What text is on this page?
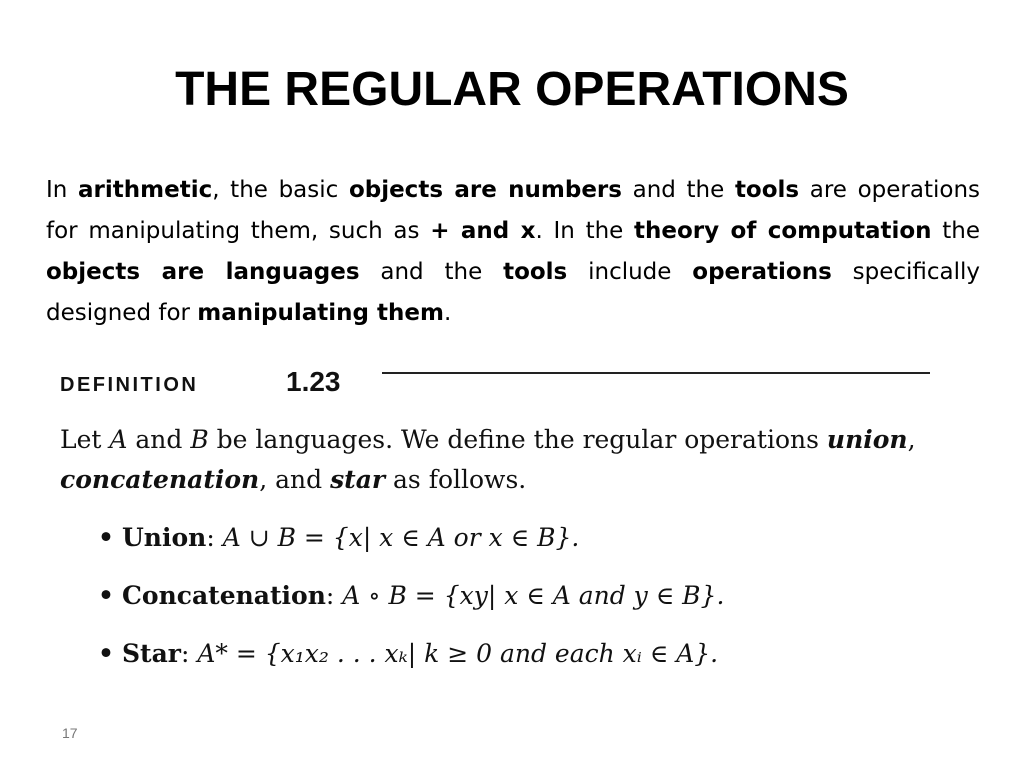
THE REGULAR OPERATIONS
In arithmetic, the basic objects are numbers and the tools are operations for manipulating them, such as + and x. In the theory of computation the objects are languages and the tools include operations specifically designed for manipulating them.
DEFINITION	1.23
Let A and B be languages. We define the regular operations union,
concatenation, and star as follows.
• Union: A ∪ B = {x| x ∈ A or x ∈ B}.
• Concatenation: A ∘ B = {xy| x ∈ A and y ∈ B}.
• Star: A* = {x₁x₂ . . . xₖ| k ≥ 0 and each xᵢ ∈ A}.
17
